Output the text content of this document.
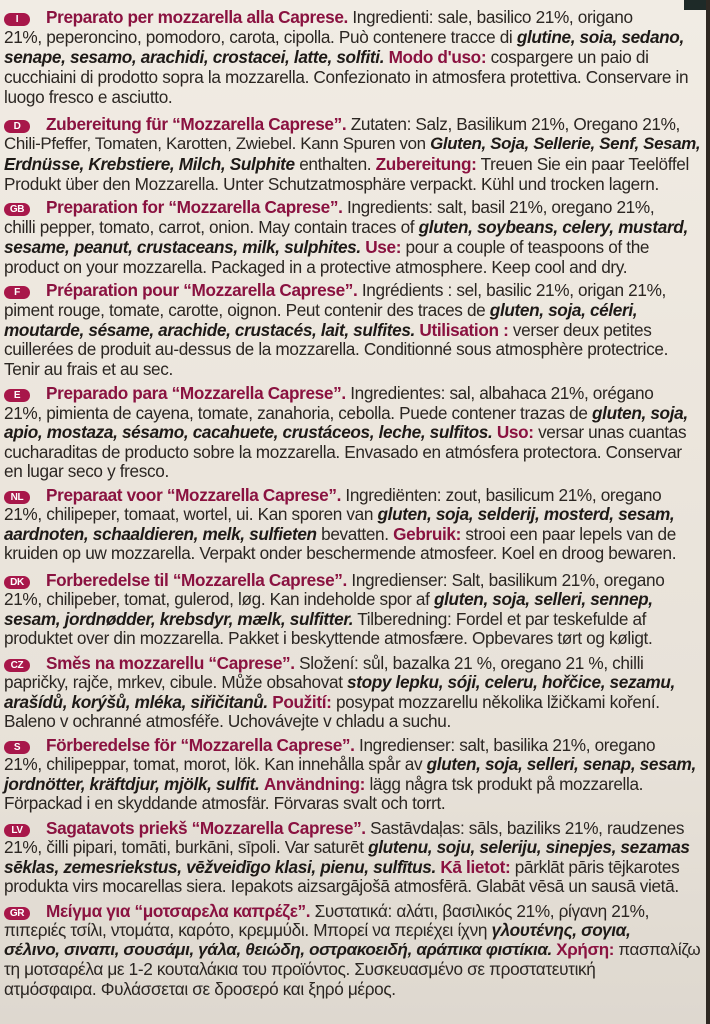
I Preparato per mozzarella alla Caprese. Ingredienti: sale, basilico 21%, origano
21%, peperoncino, pomodoro, carota, cipolla. Può contenere tracce di glutine, soia, sedano,
senape, sesamo, arachidi, crostacei, latte, solfiti. Modo d'uso: cospargere un paio di
cucchiaini di prodotto sopra la mozzarella. Confezionato in atmosfera protettiva. Conservare in
luogo fresco e asciutto.
D Zubereitung für “Mozzarella Caprese”. Zutaten: Salz, Basilikum 21%, Oregano 21%,
Chili-Pfeffer, Tomaten, Karotten, Zwiebel. Kann Spuren von Gluten, Soja, Sellerie, Senf, Sesam,
Erdnüsse, Krebstiere, Milch, Sulphite enthalten. Zubereitung: Treuen Sie ein paar Teelöffel
Produkt über den Mozzarella. Unter Schutzatmosphäre verpackt. Kühl und trocken lagern.
GB Preparation for “Mozzarella Caprese”. Ingredients: salt, basil 21%, oregano 21%,
chilli pepper, tomato, carrot, onion. May contain traces of gluten, soybeans, celery, mustard,
sesame, peanut, crustaceans, milk, sulphites. Use: pour a couple of teaspoons of the
product on your mozzarella. Packaged in a protective atmosphere. Keep cool and dry.
F Préparation pour “Mozzarella Caprese”. Ingrédients : sel, basilic 21%, origan 21%,
piment rouge, tomate, carotte, oignon. Peut contenir des traces de gluten, soja, céleri,
moutarde, sésame, arachide, crustacés, lait, sulfites. Utilisation : verser deux petites
cuillerées de produit au-dessus de la mozzarella. Conditionné sous atmosphère protectrice.
Tenir au frais et au sec.
E Preparado para “Mozzarella Caprese”. Ingredientes: sal, albahaca 21%, orégano
21%, pimienta de cayena, tomate, zanahoria, cebolla. Puede contener trazas de gluten, soja,
apio, mostaza, sésamo, cacahuete, crustáceos, leche, sulfitos. Uso: versar unas cuantas
cucharaditas de producto sobre la mozzarella. Envasado en atmósfera protectora. Conservar
en lugar seco y fresco.
NL Preparaat voor “Mozzarella Caprese”. Ingrediënten: zout, basilicum 21%, oregano
21%, chilipeper, tomaat, wortel, ui. Kan sporen van gluten, soja, selderij, mosterd, sesam,
aardnoten, schaaldieren, melk, sulfieten bevatten. Gebruik: strooi een paar lepels van de
kruiden op uw mozzarella. Verpakt onder beschermende atmosfeer. Koel en droog bewaren.
DK Forberedelse til “Mozzarella Caprese”. Ingredienser: Salt, basilikum 21%, oregano
21%, chilipeber, tomat, gulerod, løg. Kan indeholde spor af gluten, soja, selleri, sennep,
sesam, jordnødder, krebsdyr, mælk, sulfitter. Tilberedning: Fordel et par teskefulde af
produktet over din mozzarella. Pakket i beskyttende atmosfære. Opbevares tørt og køligt.
CZ Směs na mozzarellu “Caprese”. Složení: sůl, bazalka 21 %, oregano 21 %, chilli
papričky, rajče, mrkev, cibule. Může obsahovat stopy lepku, sóji, celeru, hořčice, sezamu,
arašídů, korýšů, mléka, siřičitanů. Použití: posypat mozzarellu několika lžičkami koření.
Baleno v ochranné atmosféře. Uchovávejte v chladu a suchu.
S Förberedelse för “Mozzarella Caprese”. Ingredienser: salt, basilika 21%, oregano
21%, chilipeppar, tomat, morot, lök. Kan innehålla spår av gluten, soja, selleri, senap, sesam,
jordnötter, kräftdjur, mjölk, sulfit. Användning: lägg några tsk produkt på mozzarella.
Förpackad i en skyddande atmosfär. Förvaras svalt och torrt.
LV Sagatavots priekš “Mozzarella Caprese”. Sastāvdaļas: sāls, baziliks 21%, raudzenes
21%, čilli pipari, tomāti, burkāni, sīpoli. Var saturēt glutenu, soju, seleriju, sinepjes, sezamas
sēklas, zemesriekstus, vēžveidīgo klasi, pienu, sulfītus. Kā lietot: pārklāt pāris tējkarotes
produkta virs mocarellas siera. Iepakots aizsargājošā atmosfērā. Glabāt vēsā un sausā vietā.
GR Μείγμα για “μοτσαρελα καπρέζε”. Συστατικά: αλάτι, βασιλικός 21%, ρίγανη 21%,
πιπεριές τσίλι, ντομάτα, καρότο, κρεμμύδι. Μπορεί να περιέχει ίχνη γλουτένης, σογια,
σέλινο, σιναπι, σουσάμι, γάλα, θειώδη, οστρακοειδή, αράπικα φιστίκια. Χρήση: πασπαλίζω
τη μοτσαρέλα με 1-2 κουταλάκια του προϊόντος. Συσκευασμένο σε προστατευτική
ατμόσφαιρα. Φυλάσσεται σε δροσερό και ξηρό μέρος.
